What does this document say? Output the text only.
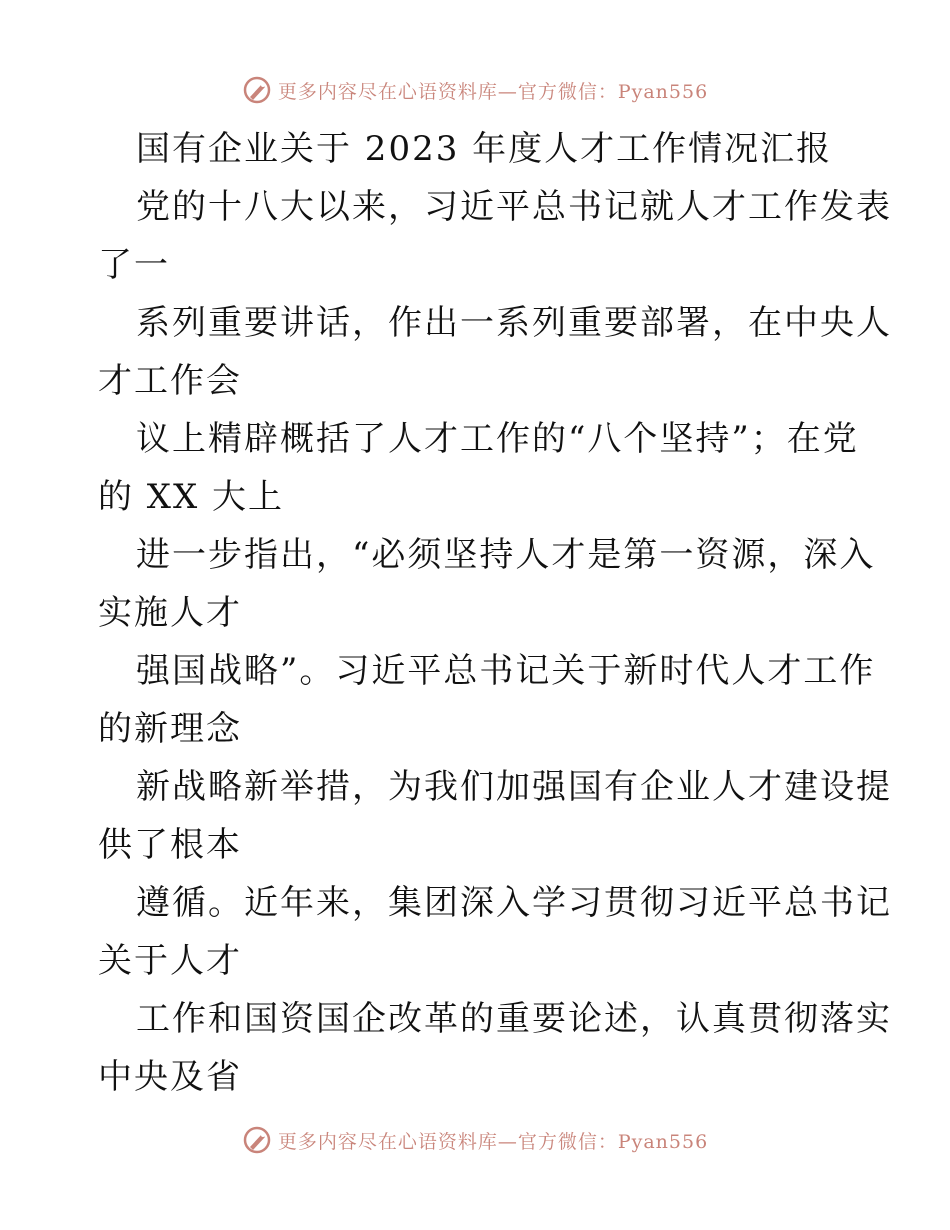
更多内容尽在心语资料库—官方微信：Pyan556
国有企业关于 2023 年度人才工作情况汇报
党的十八大以来，习近平总书记就人才工作发表
了一
系列重要讲话，作出一系列重要部署，在中央人
才工作会
议上精辟概括了人才工作的“八个坚持”；在党
的 XX 大上
进一步指出，“必须坚持人才是第一资源，深入
实施人才
强国战略”。习近平总书记关于新时代人才工作
的新理念
新战略新举措，为我们加强国有企业人才建设提
供了根本
遵循。近年来，集团深入学习贯彻习近平总书记
关于人才
工作和国资国企改革的重要论述，认真贯彻落实
中央及省
更多内容尽在心语资料库—官方微信：Pyan556
